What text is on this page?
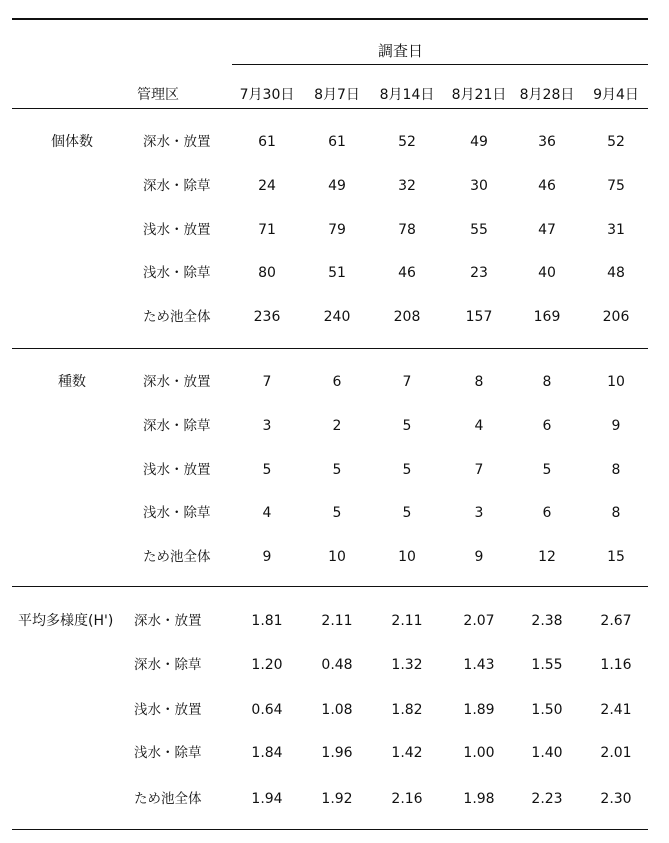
調査日
管理区	7月30日 8月7日 8月14日 8月21日 8月28日 9月4日
個体数	深水・放置	61	61	52	49	36	52
深水・除草	24	49	32	30	46	75
浅水・放置	71	79	78	55	47	31
浅水・除草	80	51	46	23	40	48
ため池全体	236	240	208	157	169	206
種数	深水・放置	7	6	7	8	8	10
深水・除草	3	2	5	4	6	9
浅水・放置	5	5	5	7	5	8
浅水・除草	4	5	5	3	6	8
ため池全体	9	10	10	9	12	15
平均多様度(H') 深水・放置	1.81	2.11	2.11	2.07	2.38	2.67
深水・除草	1.20	0.48	1.32	1.43	1.55	1.16
浅水・放置	0.64	1.08	1.82	1.89	1.50	2.41
浅水・除草	1.84	1.96	1.42	1.00	1.40	2.01
ため池全体	1.94	1.92	2.16	1.98	2.23	2.30
